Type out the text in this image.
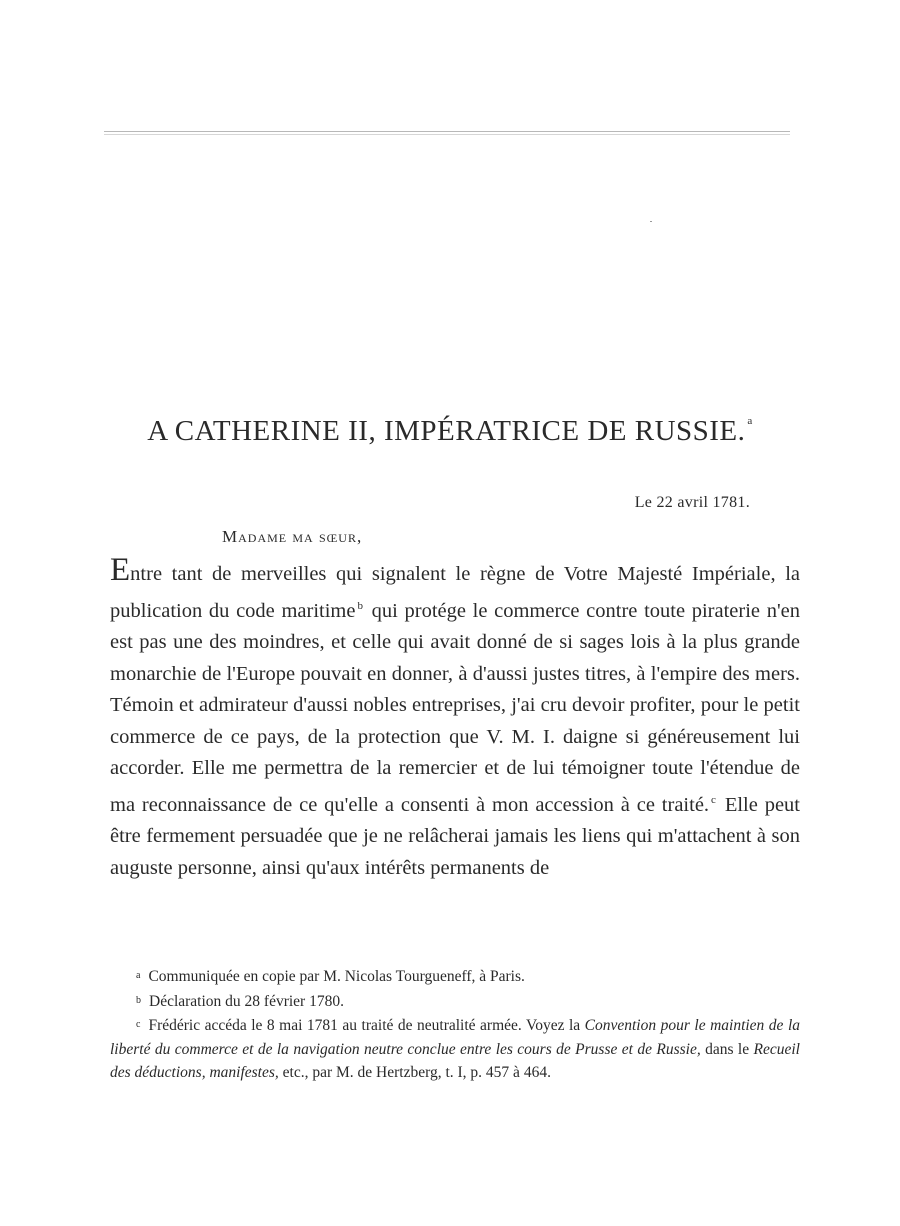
A CATHERINE II, IMPÉRATRICE DE RUSSIE. $^a$
Le 22 avril 1781.
Madame ma sœur,

Entre tant de merveilles qui signalent le règne de Votre Majesté Impériale, la publication du code maritime $^b$ qui protége le commerce contre toute piraterie n'en est pas une des moindres, et celle qui avait donné de si sages lois à la plus grande monarchie de l'Europe pouvait en donner, à d'aussi justes titres, à l'empire des mers. Témoin et admirateur d'aussi nobles entreprises, j'ai cru devoir profiter, pour le petit commerce de ce pays, de la protection que V. M. I. daigne si généreusement lui accorder. Elle me permettra de la remercier et de lui témoigner toute l'étendue de ma reconnaissance de ce qu'elle a consenti à mon accession à ce traité. $^c$ Elle peut être fermement persuadée que je ne relâcherai jamais les liens qui m'attachent à son auguste personne, ainsi qu'aux intérêts permanents de

a Communiquée en copie par M. Nicolas Tourgueneff, à Paris.

b Déclaration du 28 février 1780.

c Frédéric accéda le 8 mai 1781 au traité de neutralité armée. Voyez la Convention pour le maintien de la liberté du commerce et de la navigation neutre conclue entre les cours de Prusse et de Russie, dans le Recueil des déductions, manifestes, etc., par M. de Hertzberg, t. I, p. 457 à 464.
